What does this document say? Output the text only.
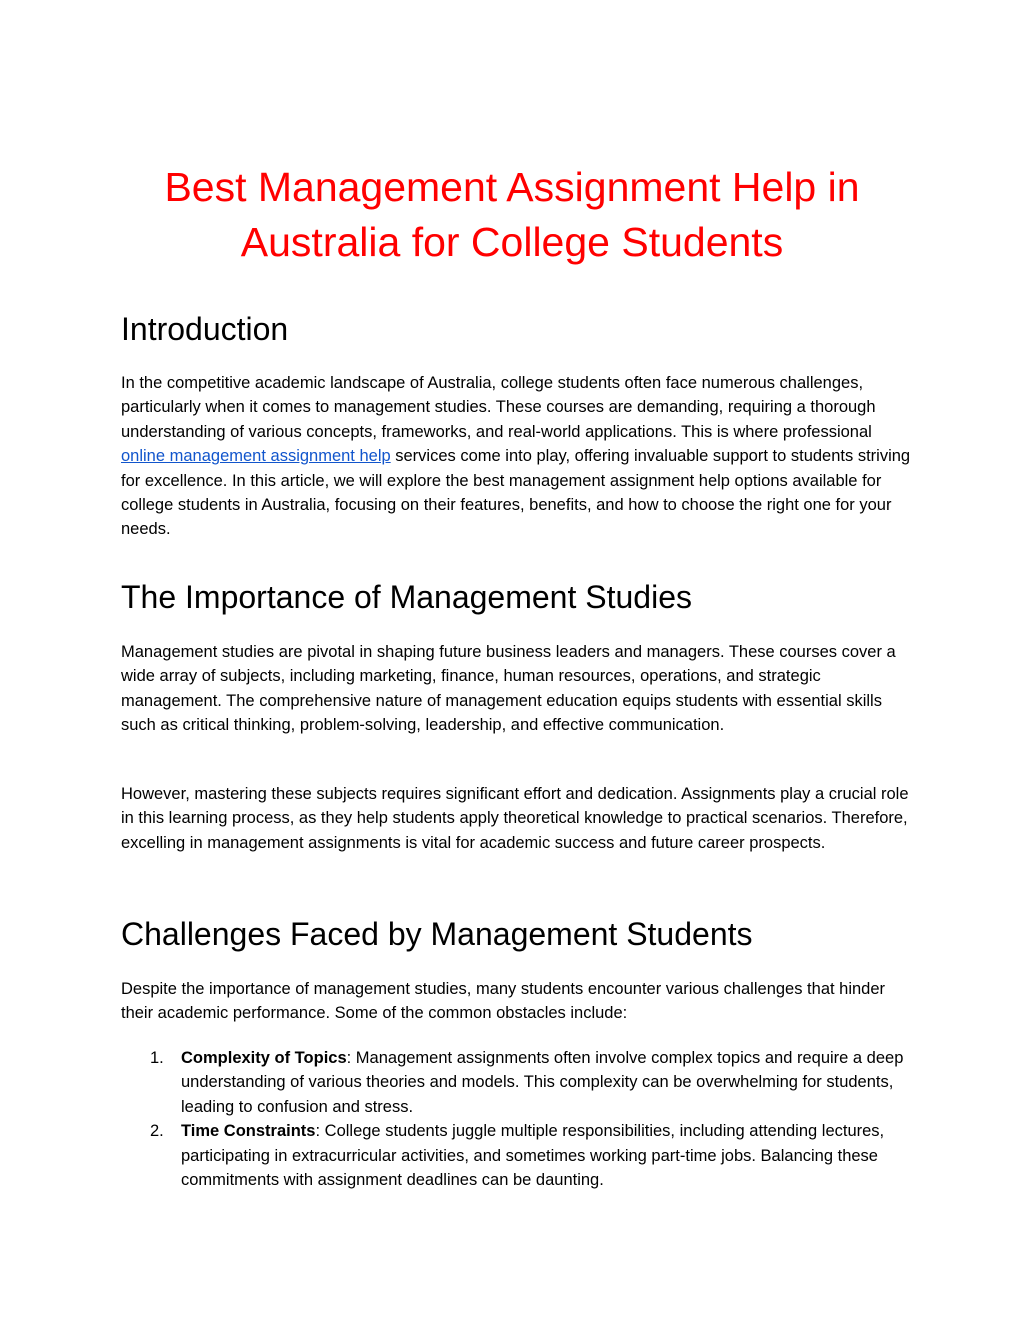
Best Management Assignment Help in Australia for College Students
Introduction

In the competitive academic landscape of Australia, college students often face numerous challenges, particularly when it comes to management studies. These courses are demanding, requiring a thorough understanding of various concepts, frameworks, and real-world applications. This is where professional online management assignment help services come into play, offering invaluable support to students striving for excellence. In this article, we will explore the best management assignment help options available for college students in Australia, focusing on their features, benefits, and how to choose the right one for your needs.

The Importance of Management Studies

Management studies are pivotal in shaping future business leaders and managers. These courses cover a wide array of subjects, including marketing, finance, human resources, operations, and strategic management. The comprehensive nature of management education equips students with essential skills such as critical thinking, problem-solving, leadership, and effective communication.

However, mastering these subjects requires significant effort and dedication. Assignments play a crucial role in this learning process, as they help students apply theoretical knowledge to practical scenarios. Therefore, excelling in management assignments is vital for academic success and future career prospects.

Challenges Faced by Management Students

Despite the importance of management studies, many students encounter various challenges that hinder their academic performance. Some of the common obstacles include:

1. Complexity of Topics: Management assignments often involve complex topics and require a deep understanding of various theories and models. This complexity can be overwhelming for students, leading to confusion and stress.
2. Time Constraints: College students juggle multiple responsibilities, including attending lectures, participating in extracurricular activities, and sometimes working part-time jobs. Balancing these commitments with assignment deadlines can be daunting.
